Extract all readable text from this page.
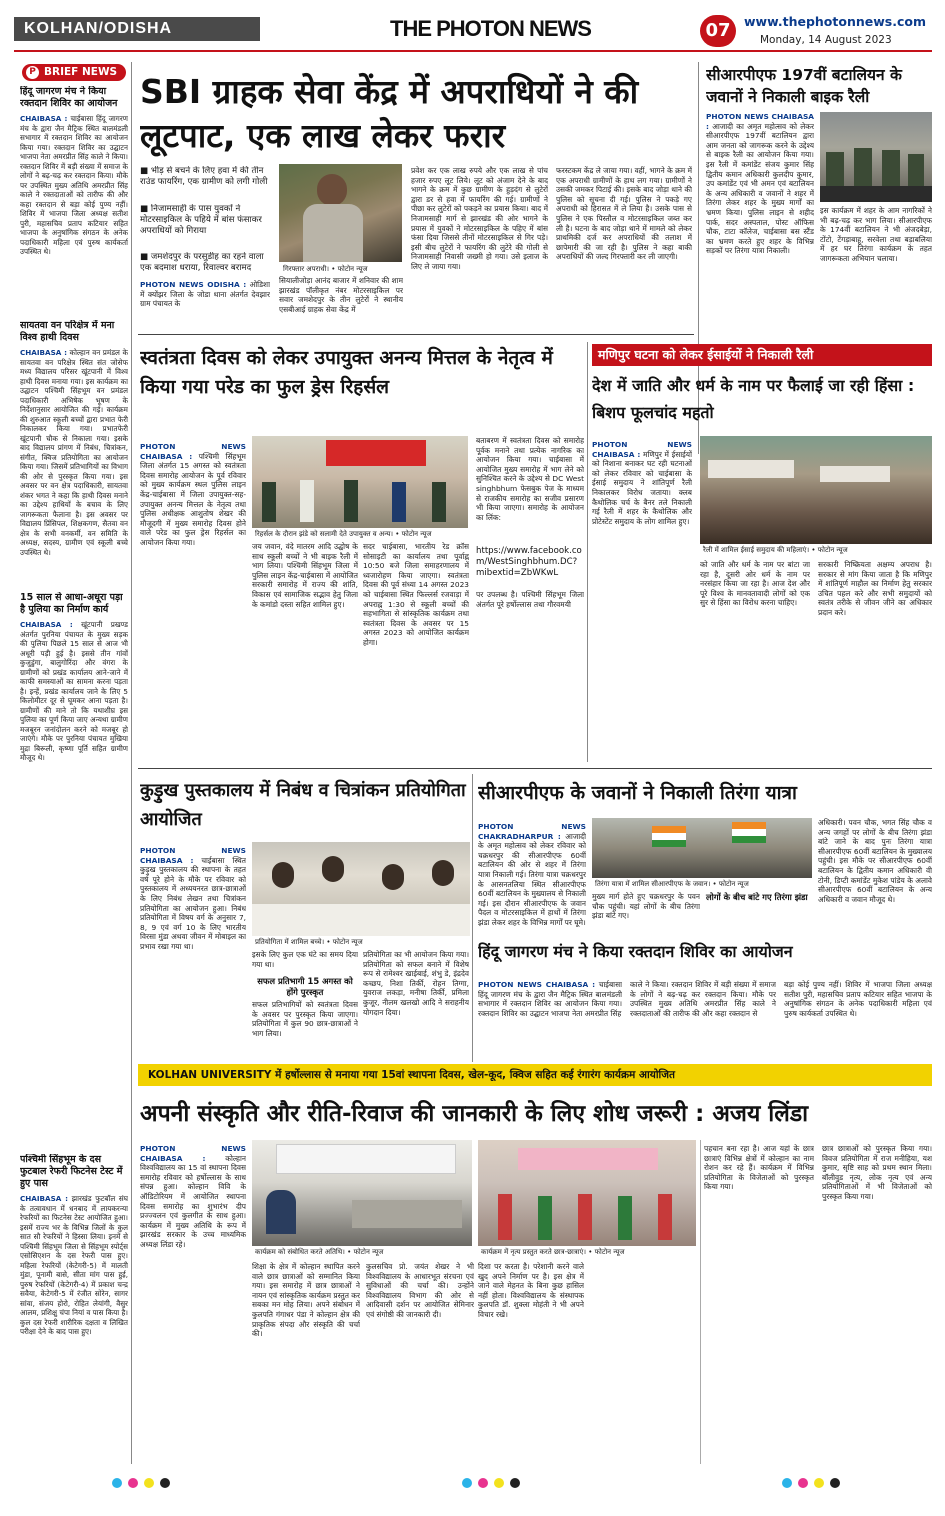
KOLHAN/ODISHA	THE PHOTON NEWS	07	www.thephotonnews.com
Monday, 14 August 2023
P BRIEF NEWS
हिंदू जागरण मंच ने किया रक्तदान शिविर का आयोजन
CHAIBASA : चाईबासा हिंदू जागरण मंच के द्वारा जैन मैट्रिक स्थित बालमंडली सभागार में रक्तदान शिविर का आयोजन किया गया। रक्तदान शिविर का उद्घाटन भाजपा नेता अमरप्रीत सिंह काले ने किया। रक्तदान शिविर में बड़ी संख्या में समाज के लोगों ने बढ़-चढ़ कर रक्तदान किया। मौके पर उपस्थित मुख्य अतिथि अमरप्रीत सिंह काले ने रक्तदाताओं को तारीफ की और कहा रक्तदान से बड़ा कोई पुण्य नहीं। शिविर में भाजपा जिला अध्यक्ष सतीश पुरी, महासचिव प्रताप कटियार सहित भाजपा के अनुषांगिक संगठन के अनेक पदाधिकारी महिला एवं पुरुष कार्यकर्ता उपस्थित थे।
सायतवा वन परिक्षेत्र में मना विश्व हाथी दिवस
CHAIBASA : कोल्हान वन प्रमंडल के सायतवा वन परिक्षेत्र स्थित संत जोसेफ मध्य विद्यालय परिसर खूंटपानी में विश्व हाथी दिवस मनाया गया। इस कार्यक्रम का उद्घाटन पश्चिमी सिंहभूम वन प्रमंडल पदाधिकारी अभिषेक भूषण के निर्देशानुसार आयोजित की गई। कार्यक्रम की शुरुआत स्कूली बच्चों द्वारा प्रभात फेरी निकालकर किया गया। प्रभातफेरी खूंटपानी चौक से निकाला गया। इसके बाद विद्यालय प्रांगण में निबंध, चित्रांकन, संगीत, क्विज प्रतियोगिता का आयोजन किया गया। जिसमें प्रतिभागियों का विभाग की ओर से पुरस्कृत किया गया। इस अवसर पर वन क्षेत्र पदाधिकारी, सायतवा शंकर भगत ने कहा कि हाथी दिवस मनाने का उद्देश्य हाथियों के बचाव के लिए जागरूकता फैलाना है। इस अवसर पर विद्यालय प्रिंसिपल, शिक्षकगण, सैतवा वन क्षेत्र के सभी वनकर्मी, वन समिति के अध्यक्ष, सदस्य, ग्रामीण एवं स्कूली बच्चे उपस्थित थे।
15 साल से आधा-अधूरा पड़ा है पुलिया का निर्माण कार्य
CHAIBASA : खूंटपानी प्रखण्ड अंतर्गत पुरनिया पंचायत के मुख्य सड़क की पुलिया पिछले 15 साल से आज भी अधूरी पड़ी हुई है। इससे तीन गांवों कुजुडुंगा, बालुगोरिंदा और वंगरा के ग्रामीणों को प्रखंड कार्यालय आने-जाने में काफी समस्याओं का सामना करना पड़ता है। इन्हें, प्रखंड कार्यालय जाने के लिए 5 किलोमीटर दूर से घूमकर आना पड़ता है। ग्रामीणों की माने तो कि यथाशीघ्र इस पुलिया का पूर्ण किया जाए अन्यथा ग्रामीण मजबूरन जनांदोलन करने को मजबूर हो जाएंगे। मौके पर पुरनिया पंचायत मुखिया मुद्रा बिरूली, कृष्णा पूर्ति सहित ग्रामीण मौजूद थे।
पश्चिमी सिंहभूम के दस फुटबाल रेफरी फिटनेस टेस्ट में हुए पास
CHAIBASA : झारखंड फुटबॉल संघ के तत्वावधान में धनबाद में लायकरन्या रेफरियों का फिटनेस टेस्ट आयोजित हुआ। इसमें राज्य भर के विभिन्न जिलों के कुल सात सौ रेफरियों ने हिस्सा लिया। इनमें से पश्चिमी सिंहभूम जिला से सिंहभूम स्पोर्ट्स एसोसिएशन के दस रेफरी पास हुए। महिला रेफरियों (केटेगरी-5) में मालती मुंडा, पूनामी बासे, सीता मांग पास हुई, पुरुष रेफरियों (केटेगरी-4) में प्रकाश चन्द्र सवैया, केटेगरी-5 में रंजीत सोरेन, सागर सांवा, संजय होरो, रोहित लेयांगी, वैसुर आलम, प्रशिक्षु चंपा नियां व पास किया है। कुल दस रेफरी शारीरिक दक्षता व लिखित परीक्षा देने के बाद पास हुए।
SBI ग्राहक सेवा केंद्र में अपराधियों ने की लूटपाट, एक लाख लेकर फरार
■ भीड़ से बचने के लिए हवा में की तीन राउंड फायरिंग, एक ग्रामीण को लगी गोली
■ निजामसाही के पास युवकों ने मोटरसाइकिल के पहिये में बांस फंसाकर अपराधियों को गिराया
■ जमशेदपुर के परसुडीह का रहने वाला एक बदमाश धराया, रिवाल्वर बरामद	गिरफ्तार अपराधी। • फोटोन न्यूज
PHOTON NEWS ODISHA : ओडिशा में क्योंझर जिला के जोडा थाना अंतर्गत देवझार ग्राम पंचायत के
सियालीजोड़ा आनंद बाजार में शनिवार की शाम झारखंड पॉलीकृत नंबर मोटरसाइकिल पर सवार जमशेदपुर के तीन लुटेरों ने स्थानीय एसबीआई ग्राहक सेवा केंद्र में
प्रवेश कर एक लाख रुपये और एक लाख से पांच हजार रुपए लूट लिये। लूट को अंजाम देने के बाद भागने के क्रम में कुछ ग्रामीण के हुड़दंग से लुटेरों द्वारा डर से हवा में फायरिंग की गई। ग्रामीणों ने पीछा कर लुटेरों को पकड़ने का प्रयास किया। बाद में निजामसाही मार्ग से झारखंड की ओर भागने के प्रयास में युवकों ने मोटरसाइकिल के पहिए में बांस फंसा दिया जिससे तीनों मोटरसाइकिल से गिर पड़े। इसी बीच लुटेरों ने फायरिंग की लुटेरे की गोली से निजामसाही निवासी जख्मी हो गया। उसे इलाज के लिए ले जाया गया।
फरस्टकम केंद्र ले जाया गया। वहीं, भागने के क्रम में एक अपराधी ग्रामीणों के हाथ लग गया। ग्रामीणों ने उसकी जमकर पिटाई की। इसके बाद जोड़ा थाने की पुलिस को सूचना दी गई। पुलिस ने पकड़े गए अपराधी को हिरासत में ले लिया है। उसके पास से पुलिस ने एक पिस्तौल व मोटरसाइकिल जब्त कर ली है। घटना के बाद जोड़ा थाने में मामले को लेकर प्राथमिकी दर्ज कर अपराधियों की तलाश में छापेमारी की जा रही है। पुलिस ने कहा बाकी अपराधियों की जल्द गिरफ्तारी कर ली जाएगी।
सीआरपीएफ 197वीं बटालियन के जवानों ने निकाली बाइक रैली
PHOTON NEWS CHAIBASA : आजादी का अमृत महोत्सव को लेकर सीआरपीएफ 197वीं बटालियन द्वारा आम जनता को जागरूक करने के उद्देश्य से बाइक रैली का आयोजन किया गया। इस रैली में कमांडेंट संजय कुमार सिंह द्वितीय कमान अधिकारी कुलदीप कुमार, उप कमांडेंट एवं भी अमन एवं बटालियन के अन्य अधिकारी व जवानों ने शहर में तिरंगा लेकर शहर के मुख्य मार्गों का भ्रमण किया। पुलिस लाइन से शहीद पार्क, सदर अस्पताल, पोस्ट ऑफिस चौक, टाटा कॉलेज, चाईबासा बस स्टैंड का भ्रमण करते हुए शहर के विभिन्न सड़कों पर तिरंगा यात्रा निकाली।
इस कार्यक्रम में शहर के आम नागरिकों ने भी बढ़-चढ़ कर भाग लिया। सीआरपीएफ के 174वीं बटालियन ने भी अंजदबेड़ा, टोंटो, टेंगड़ाबाहू, सरवेला तथा बड़ाबलिया में हर घर तिरंगा कार्यक्रम के तहत जागरूकता अभियान चलाया।
स्वतंत्रता दिवस को लेकर उपायुक्त अनन्य मित्तल के नेतृत्व में किया गया परेड का फुल ड्रेस रिहर्सल
PHOTON NEWS CHAIBASA : पश्चिमी सिंहभूम जिला अंतर्गत 15 अगस्त को स्वतंत्रता दिवस समारोह आयोजन के पूर्व रविवार को मुख्य कार्यक्रम स्थल पुलिस लाइन केंद्र-चाईबासा में जिला उपायुक्त-सह-उपायुक्त अनन्य मित्तल के नेतृत्व तथा पुलिस अधीक्षक आशुतोष शेखर की मौजूदगी में मुख्य समारोह दिवस होने वाले परेड का फुल ड्रेस रिहर्सल का आयोजन किया गया।
रिहर्सल के दौरान झंडे को सलामी देते उपायुक्त व अन्य। • फोटोन न्यूज
जय जवान, वंदे मातरम आदि उद्घोष के साथ स्कूली बच्चों ने भी बाइक रैली में भाग लिया। पश्चिमी सिंहभूम जिला में पुलिस लाइन केंद्र-चाईबासा में आयोजित सरकारी समारोह में राज्य की शांति, विकास एवं सामाजिक सद्भाव हेतु जिला के कमांडो दस्ता सहित शामिल हुए।
सदर चाईबासा, भारतीय रेड क्रॉस सोसाइटी का कार्यालय तथा पूर्वाह्न 10:50 बजे जिला समाहरणालय में ध्वजारोहण किया जाएगा। स्वतंत्रता दिवस की पूर्व संध्या 14 अगस्त 2023 को चाईबासा स्थित फिल्लर्स रजवाड़ा में अपराह्न 1:30 से स्कूली बच्चों की सहभागिता से सांस्कृतिक कार्यक्रम तथा स्वतंत्रता दिवस के अवसर पर 15 अगस्त 2023 को आयोजित कार्यक्रम होगा।
बताबरण में स्वतंत्रता दिवस को समारोह पूर्वक मनाने तथा प्रत्येक नागरिक का आयोजन किया गया। चाईबासा में आयोजित मुख्य समारोह में भाग लेने को सुनिश्चित करने के उद्देश्य से DC West singhbhum फेसबुक पेज के माध्यम से राजकीय समारोह का सजीव प्रसारण भी किया जाएगा। समारोह के आयोजन का लिंक:
https://www.facebook.com/WestSinghbhum.DC?mibextid=ZbWKwL
पर उपलब्ध है। पश्चिमी सिंहभूम जिला अंतर्गत पूरे हर्षोल्लास तथा गौरवमयी
मणिपुर घटना को लेकर ईसाईयों ने निकाली रैली
देश में जाति और धर्म के नाम पर फैलाई जा रही हिंसा : बिशप फूलचांद महतो
PHOTON NEWS CHAIBASA : मणिपुर में ईसाईयों को निशाना बनाकर घट रही घटनाओं को लेकर रविवार को चाईबासा के ईसाई समुदाय ने शांतिपूर्ण रैली निकालकर विरोध जताया। क्लब कैथोलिक चर्च के बैनर तले निकाली गई रैली में शहर के कैथोलिक और प्रोटेस्टेंट समुदाय के लोग शामिल हुए।
रैली में शामिल ईसाई समुदाय की महिलाएं। • फोटोन न्यूज
को जाति और धर्म के नाम पर बांटा जा रहा है, दूसरी ओर धर्म के नाम पर नरसंहार किया जा रहा है। आज देश और पूरे विश्व के मानवतावादी लोगों को एक सुर से हिंसा का विरोध करना चाहिए।
सरकारी निष्क्रियता अक्षम्य अपराध है। सरकार से मांग किया जाता है कि मणिपुर में शांतिपूर्ण माहौल का निर्माण हेतु सरकार उचित पहल करे और सभी समुदायों को स्वतंत्र तरीके से जीवन जीने का अधिकार प्रदान करे।
कुड़ुख पुस्तकालय में निबंध व चित्रांकन प्रतियोगिता आयोजित
PHOTON NEWS CHAIBASA : चाईबासा स्थित कुड़ुख पुस्तकालय की स्थापना के तहत वर्ष पूरे होने के मौके पर रविवार को पुस्तकालय में अध्ययनरत छात्र-छात्राओं के लिए निबंध लेखन तथा चित्रांकन प्रतियोगिता का आयोजन हुआ। निबंध प्रतियोगिता में विषय वर्ग के अनुसार 7, 8, 9 एवं वर्ग 10 के लिए भारतीय विरसा मुंडा अथवा जीवन में मोबाइल का प्रभाव रखा गया था।	प्रतियोगिता में शामिल बच्चे। • फोटोन न्यूज
इसके लिए कुल एक घंटे का समय दिया गया था।
सफल प्रतिभागी 15 अगस्त को होंगे पुरस्कृत
सफल प्रतिभागियों को स्वतंत्रता दिवस के अवसर पर पुरस्कृत किया जाएगा। प्रतियोगिता में कुल 90 छात्र-छात्राओं ने भाग लिया।
प्रतियोगिता का भी आयोजन किया गया। प्रतियोगिता को सफल बनाने में विशेष रूप से रामेश्वर खाईबाई, शंभु डे, इंद्रदेव कच्छप, निशा तिर्की, रोहन तिग्गा, युवराज लकड़ा, मनीषा तिर्की, प्रमिला कुजूर, नीलम खलखो आदि ने सराहनीय योगदान दिया।
सीआरपीएफ के जवानों ने निकाली तिरंगा यात्रा
PHOTON NEWS CHAKRADHARPUR : आजादी के अमृत महोत्सव को लेकर रविवार को चक्रधरपुर की सीआरपीएफ 60वीं बटालियन की ओर से शहर में तिरंगा यात्रा निकाली गई। तिरंगा यात्रा चक्रधरपुर के आसनतलिया स्थित सीआरपीएफ 60वीं बटालियन के मुख्यालय से निकाली गई। इस दौरान सीआरपीएफ के जवान पैदल व मोटरसाइकिल में हाथों में तिरंगा झंडा लेकर शहर के विभिन्न मार्गों पर घूमे।
तिरंगा यात्रा में शामिल सीआरपीएफ के जवान। • फोटोन न्यूज
मुख्य मार्ग होते हुए चक्रधरपुर के पवन चौक पहुंची। यहां लोगों के बीच तिरंगा झंडा बांटे गए।
लोगों के बीच बांटे गए तिरंगा झंडा
अधिकारी। पवन चौक, भगत सिंह चौक व अन्य जगहों पर लोगों के बीच तिरंगा झंडा बांटे जाने के बाद पुनः तिरंगा यात्रा सीआरपीएफ 60वीं बटालियन के मुख्यालय पहुंची। इस मौके पर सीआरपीएफ 60वीं बटालियन के द्वितीय कमान अधिकारी वी टोनी, डिप्टी कमांडेंट मुकेश पांडेय के अलावे सीआरपीएफ 60वीं बटालियन के अन्य अधिकारी व जवान मौजूद थे।
हिंदू जागरण मंच ने किया रक्तदान शिविर का आयोजन
PHOTON NEWS CHAIBASA : चाईबासा हिंदू जागरण मंच के द्वारा जैन मैट्रिक स्थित बालमंडली सभागार में रक्तदान शिविर का आयोजन किया गया। रक्तदान शिविर का उद्घाटन भाजपा नेता अमरप्रीत सिंह
काले ने किया। रक्तदान शिविर में बड़ी संख्या में समाज के लोगों ने बढ़-चढ़ कर रक्तदान किया। मौके पर उपस्थित मुख्य अतिथि अमरप्रीत सिंह काले ने रक्तदाताओं की तारीफ की और कहा रक्तदान से
बड़ा कोई पुण्य नहीं। शिविर में भाजपा जिला अध्यक्ष सतीश पुरी, महासचिव प्रताप कटियार सहित भाजपा के अनुषांगिक संगठन के अनेक पदाधिकारी महिला एवं पुरुष कार्यकर्ता उपस्थित थे।
KOLHAN UNIVERSITY में हर्षोल्लास से मनाया गया 15वां स्थापना दिवस, खेल-कूद, क्विज सहित कई रंगारंग कार्यक्रम आयोजित
अपनी संस्कृति और रीति-रिवाज की जानकारी के लिए शोध जरूरी : अजय लिंडा
PHOTON NEWS CHAIBASA :	कोल्हान विश्वविद्यालय का 15 वां स्थापना दिवस समारोह रविवार को हर्षोल्लास के साथ संपन्न हुआ। कोल्हान विवि के ऑडिटोरियम में आयोजित स्थापना दिवस समारोह का शुभारंभ दीप प्रज्ज्वलन एवं कुलगीत के साथ हुआ। कार्यक्रम में मुख्य अतिथि के रूप में झारखंड सरकार के उच्च माध्यमिक अध्यक्ष लिंडा रहे।
कार्यक्रम को संबोधित करते अतिथि। • फोटोन न्यूज
शिक्षा के क्षेत्र में कोल्हान स्थापित करने वाले छात्र छात्राओं को सम्मानित किया गया। इस समारोह में छात्र छात्राओं ने नायन एवं सांस्कृतिक कार्यक्रम प्रस्तुत कर सबका मन मोह लिया। अपने संबोधन में कुलपति गंगाधर पंडा ने कोल्हान क्षेत्र की प्राकृतिक संपदा और संस्कृति की चर्चा की।
कार्यक्रम में नृत्य प्रस्तुत करते छात्र-छात्राएं। • फोटोन न्यूज
कुलसचिव प्रो. जयंत शेखर ने भी विश्वविद्यालय के आधारभूत संरचना एवं सुविधाओं की चर्चा की। उन्होंने विश्वविद्यालय विभाग की ओर से आदिवासी दर्शन पर आयोजित सेमिनार एवं संगोष्ठी की जानकारी दी।
दिशा पर करता है। परेशानी करने वाले खुद अपने निर्माण पर है। इस क्षेत्र में जाने वाले मेहनत के बिना कुछ हासिल नहीं होता। विश्वविद्यालय के संस्थापक कुलपति डॉ. शुक्ला मोहंती ने भी अपने विचार रखे।
पहचान बना रहा है। आज यहां के छात्र छात्राएं विभिन्न क्षेत्रों में कोल्हान का नाम रोशन कर रहे हैं। कार्यक्रम में विभिन्न प्रतियोगिता के विजेताओं को पुरस्कृत किया गया।
छात्र छात्राओं को पुरस्कृत किया गया। विवज प्रतियोगिता में राज मनीहिया, यश कुमार, सृष्टि साह को प्रथम स्थान मिला। बॉलीवुड नृत्य, लोक नृत्य एवं अन्य प्रतियोगिताओं में भी विजेताओं को पुरस्कृत किया गया।
